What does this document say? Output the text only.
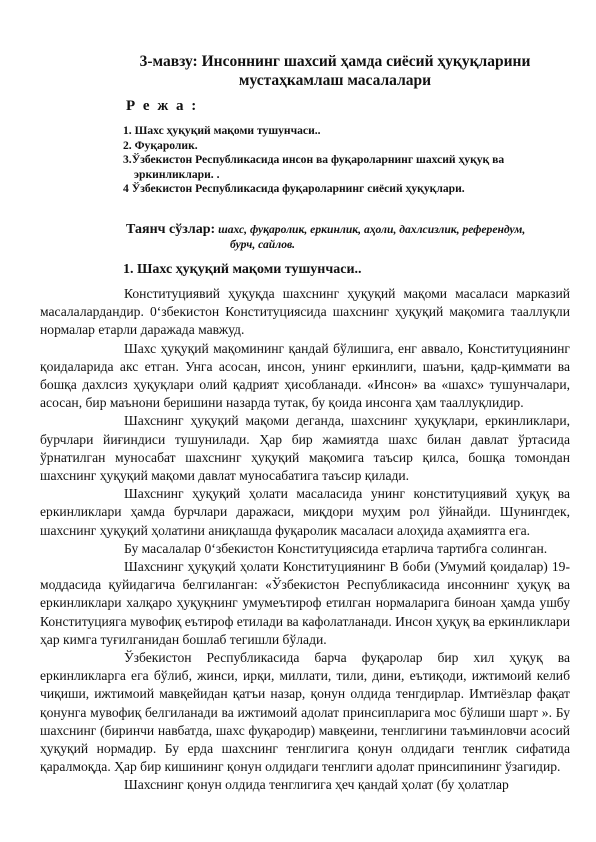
3-мавзу: Инсоннинг шахсий ҳамда сиёсий ҳуқуқларини
мустаҳкамлаш масалалари
Р е ж а :
1. Шахс ҳуқуқий мақоми тушунчаси..
2. Фуқаролик.
3.Ўзбекистон Республикасида инсон ва фуқароларнинг шахсий ҳуқуқ ва
эркинликлари. .
4 Ўзбекистон Республикасида фуқароларнинг сиёсий ҳуқуқлари.
Таянч сўзлар: шахс, фуқаролик, еркинлик, аҳоли, дахлсизлик, референдум,
бурч, сайлов.
1. Шахс ҳуқуқий мақоми тушунчаси..

Конституциявий ҳуқуқда шахснинг ҳуқуқий мақоми масаласи марказий масалалардандир. 0‘збекистон Конституциясида шахснинг ҳуқуқий мақомига тааллуқли нормалар етарли даражада мавжуд.

Шахс ҳуқуқий мақомининг қандай бўлишига, енг аввало, Конституциянинг қоидаларида акс етган. Унга асосан, инсон, унинг еркинлиги, шаъни, қадр-қиммати ва бошқа дахлсиз ҳуқуқлари олий қадрият ҳисобланади. «Инсон» ва «шахс» тушунчалари, асосан, бир маънони беришини назарда тутак, бу қоида инсонга ҳам тааллуқлидир.

Шахснинг ҳуқуқий мақоми деганда, шахснинг ҳуқуқлари, еркинликлари, бурчлари йиғиндиси тушунилади. Ҳар бир жамиятда шахс билан давлат ўртасида ўрнатилган муносабат шахснинг ҳуқуқий мақомига таъсир қилса, бошқа томондан шахснинг ҳуқуқий мақоми давлат муносабатига таъсир қилади.

Шахснинг ҳуқуқий ҳолати масаласида унинг конституциявий ҳуқуқ ва еркинликлари ҳамда бурчлари даражаси, миқдори муҳим рол ўйнайди. Шунингдек, шахснинг ҳуқуқий ҳолатини аниқлашда фуқаролик масаласи алоҳида аҳамиятга ега.

Бу масалалар 0‘збекистон Конституциясида етарлича тартибга солинган.

Шахснинг ҳуқуқий ҳолати Конституциянинг В боби (Умумий қоидалар) 19-моддасида қуйидагича белгиланган: «Ўзбекистон Республикасида инсоннинг ҳуқуқ ва еркинликлари халқаро ҳуқуқнинг умумеътироф етилган нормаларига биноан ҳамда ушбу Конституцияга мувофиқ еътироф етилади ва кафолатланади. Инсон ҳуқуқ ва еркинликлари ҳар кимга туғилганидан бошлаб тегишли бўлади.

Ўзбекистон Республикасида барча фуқаролар бир хил ҳуқуқ ва еркинликларга ега бўлиб, жинси, ирқи, миллати, тили, дини, еътиқоди, ижтимоий келиб чиқиши, ижтимоий мавқейидан қатъи назар, қонун олдида тенгдирлар. Имтиёзлар фақат қонунга мувофиқ белгиланади ва ижтимоий адолат принсипларига мос бўлиши шарт ». Бу шахснинг (биринчи навбатда, шахс фуқародир) мавқеини, тенглигини таъминловчи асосий ҳуқуқий нормадир. Бу ерда шахснинг тенглигига қонун олдидаги тенглик сифатида қаралмоқда. Ҳар бир кишининг қонун олдидаги тенглиги адолат принсипининг ўзагидир.

Шахснинг қонун олдида тенглигига ҳеч қандай ҳолат (бу ҳолатлар
